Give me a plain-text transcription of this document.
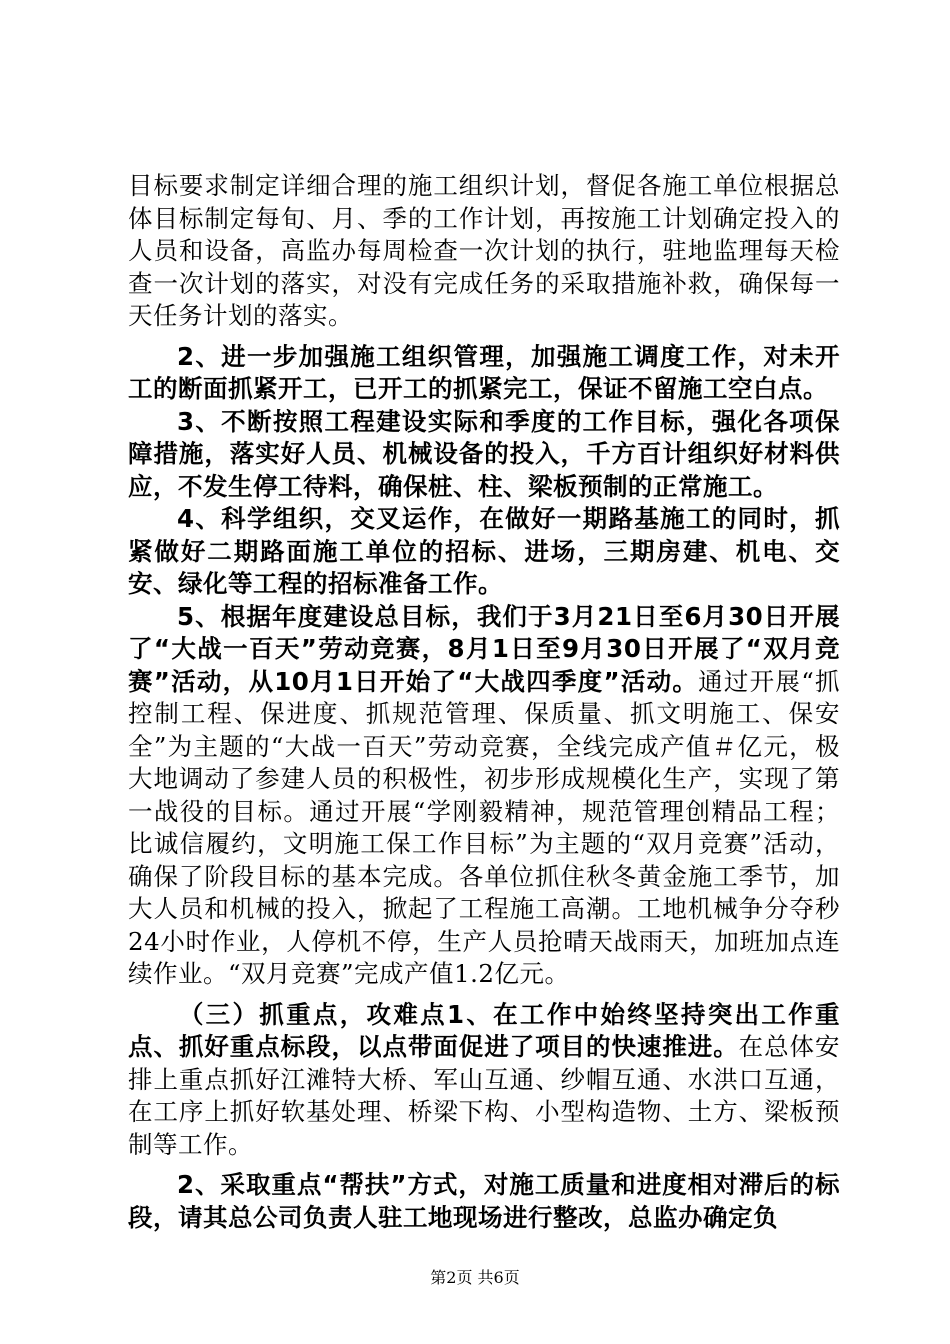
目标要求制定详细合理的施工组织计划，督促各施工单位根据总体目标制定每旬、月、季的工作计划，再按施工计划确定投入的人员和设备，高监办每周检查一次计划的执行，驻地监理每天检查一次计划的落实，对没有完成任务的采取措施补救，确保每一天任务计划的落实。

2、进一步加强施工组织管理，加强施工调度工作，对未开工的断面抓紧开工，已开工的抓紧完工，保证不留施工空白点。

3、不断按照工程建设实际和季度的工作目标，强化各项保障措施，落实好人员、机械设备的投入，千方百计组织好材料供应，不发生停工待料，确保桩、柱、梁板预制的正常施工。

4、科学组织，交叉运作，在做好一期路基施工的同时，抓紧做好二期路面施工单位的招标、进场，三期房建、机电、交安、绿化等工程的招标准备工作。

5、根据年度建设总目标，我们于3月21日至6月30日开展了“大战一百天”劳动竞赛，8月1日至9月30日开展了“双月竞赛”活动，从10月1日开始了“大战四季度”活动。通过开展“抓控制工程、保进度、抓规范管理、保质量、抓文明施工、保安全”为主题的“大战一百天”劳动竞赛，全线完成产值＃亿元，极大地调动了参建人员的积极性，初步形成规模化生产，实现了第一战役的目标。通过开展“学刚毅精神，规范管理创精品工程；比诚信履约，文明施工保工作目标”为主题的“双月竞赛”活动，确保了阶段目标的基本完成。各单位抓住秋冬黄金施工季节，加大人员和机械的投入，掀起了工程施工高潮。工地机械争分夺秒24小时作业，人停机不停，生产人员抢晴天战雨天，加班加点连续作业。“双月竞赛”完成产值1.2亿元。

（三）抓重点，攻难点1、在工作中始终坚持突出工作重点、抓好重点标段，以点带面促进了项目的快速推进。在总体安排上重点抓好江滩特大桥、军山互通、纱帽互通、水洪口互通，在工序上抓好软基处理、桥梁下构、小型构造物、土方、梁板预制等工作。

2、采取重点“帮扶”方式，对施工质量和进度相对滞后的标段，请其总公司负责人驻工地现场进行整改，总监办确定负

第2页 共6页
